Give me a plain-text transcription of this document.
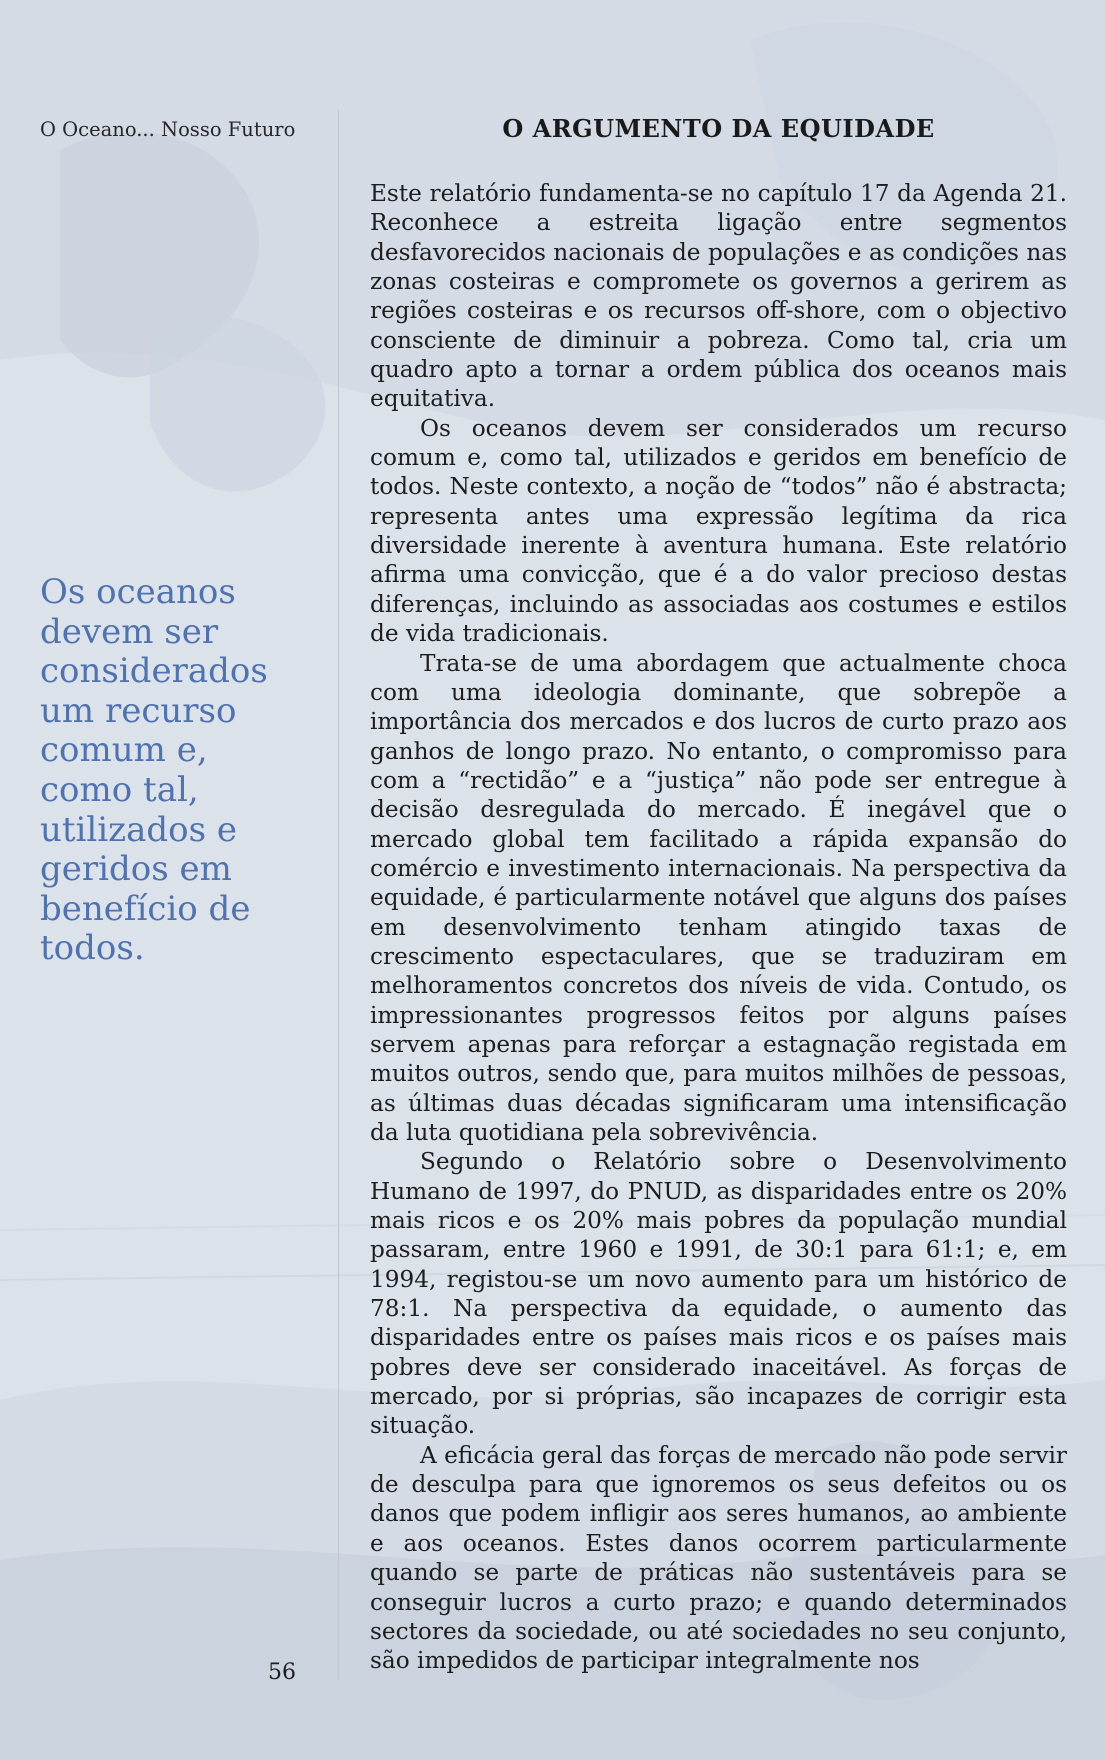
O Oceano... Nosso Futuro

Os oceanos devem ser considerados um recurso comum e, como tal, utilizados e geridos em benefício de todos.

56

O ARGUMENTO DA EQUIDADE

Este relatório fundamenta-se no capítulo 17 da Agenda 21. Reconhece a estreita ligação entre segmentos desfavorecidos nacionais de populações e as condições nas zonas costeiras e compromete os governos a gerirem as regiões costeiras e os recursos off-shore, com o objectivo consciente de diminuir a pobreza. Como tal, cria um quadro apto a tornar a ordem pública dos oceanos mais equitativa.

Os oceanos devem ser considerados um recurso comum e, como tal, utilizados e geridos em benefício de todos. Neste contexto, a noção de “todos” não é abstracta; representa antes uma expressão legítima da rica diversidade inerente à aventura humana. Este relatório afirma uma convicção, que é a do valor precioso destas diferenças, incluindo as associadas aos costumes e estilos de vida tradicionais.

Trata-se de uma abordagem que actualmente choca com uma ideologia dominante, que sobrepõe a importância dos mercados e dos lucros de curto prazo aos ganhos de longo prazo. No entanto, o compromisso para com a “rectidão” e a “justiça” não pode ser entregue à decisão desregulada do mercado. É inegável que o mercado global tem facilitado a rápida expansão do comércio e investimento internacionais. Na perspectiva da equidade, é particularmente notável que alguns dos países em desenvolvimento tenham atingido taxas de crescimento espectaculares, que se traduziram em melhoramentos concretos dos níveis de vida. Contudo, os impressionantes progressos feitos por alguns países servem apenas para reforçar a estagnação registada em muitos outros, sendo que, para muitos milhões de pessoas, as últimas duas décadas significaram uma intensificação da luta quotidiana pela sobrevivência.

Segundo o Relatório sobre o Desenvolvimento Humano de 1997, do PNUD, as disparidades entre os 20% mais ricos e os 20% mais pobres da população mundial passaram, entre 1960 e 1991, de 30:1 para 61:1; e, em 1994, registou-se um novo aumento para um histórico de 78:1. Na perspectiva da equidade, o aumento das disparidades entre os países mais ricos e os países mais pobres deve ser considerado inaceitável. As forças de mercado, por si próprias, são incapazes de corrigir esta situação.

A eficácia geral das forças de mercado não pode servir de desculpa para que ignoremos os seus defeitos ou os danos que podem infligir aos seres humanos, ao ambiente e aos oceanos. Estes danos ocorrem particularmente quando se parte de práticas não sustentáveis para se conseguir lucros a curto prazo; e quando determinados sectores da sociedade, ou até sociedades no seu conjunto, são impedidos de participar integralmente nos
